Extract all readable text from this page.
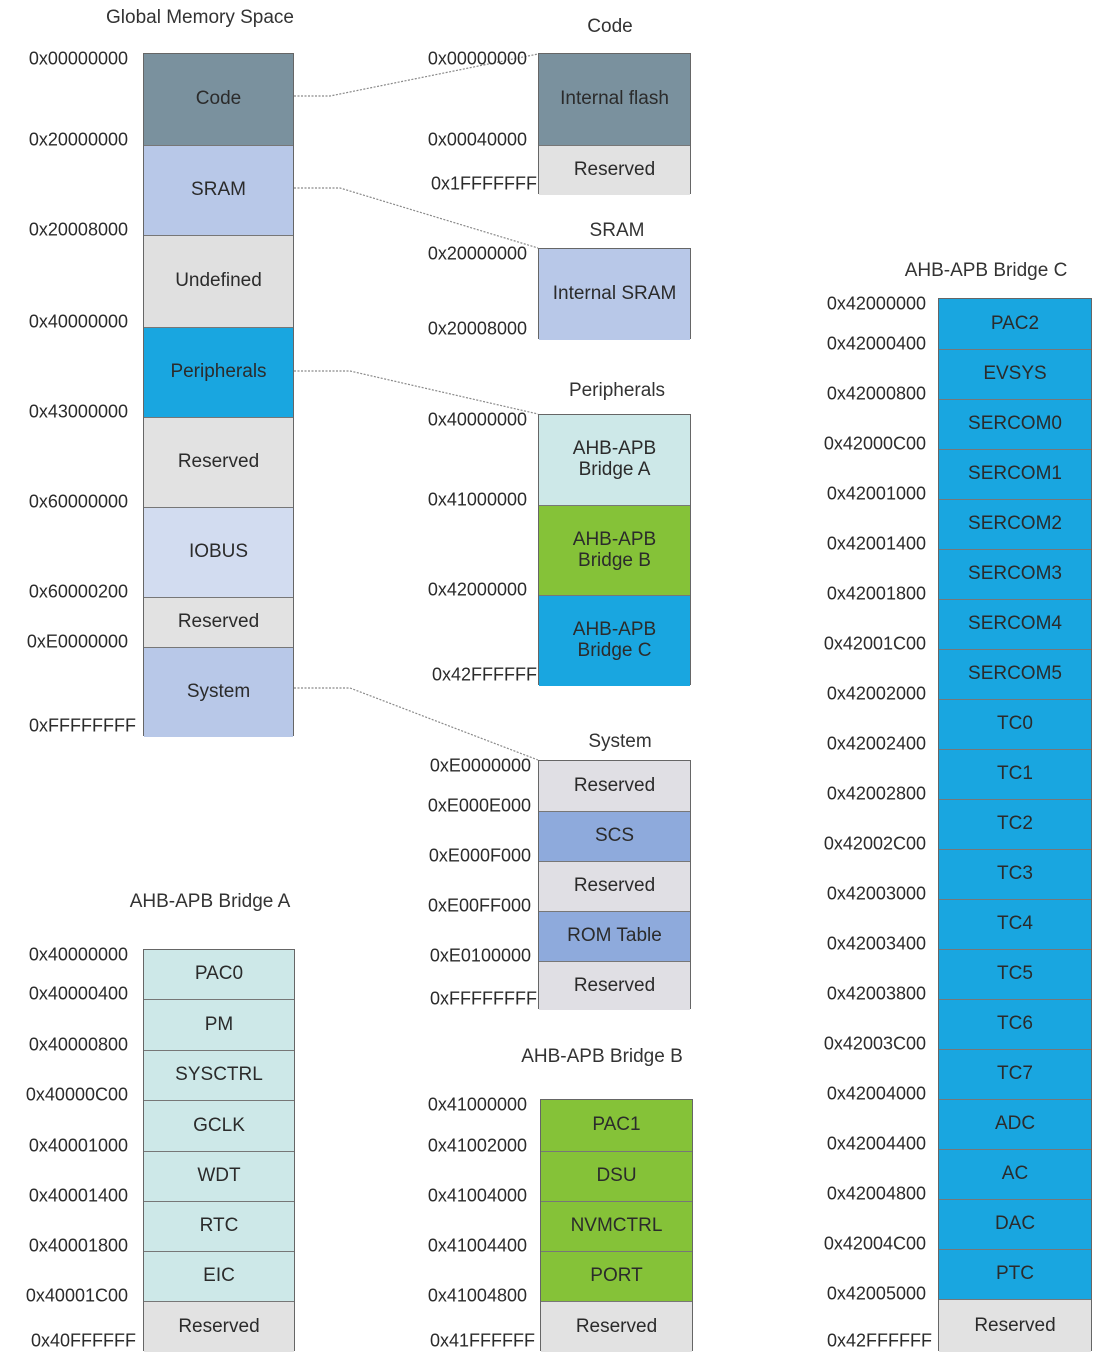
Global Memory Space
Code
SRAM
Undefined
Peripherals
Reserved
IOBUS
Reserved
System
0x00000000
0x20000000
0x20008000
0x40000000
0x43000000
0x60000000
0x60000200
0xE0000000
0xFFFFFFFF
Code
Internal flash
Reserved
0x00000000
0x00040000
0x1FFFFFFF
SRAM
Internal SRAM
0x20000000
0x20008000
Peripherals
AHB-APB
Bridge A
AHB-APB
Bridge B
AHB-APB
Bridge C
0x40000000
0x41000000
0x42000000
0x42FFFFFF
System
Reserved
SCS
Reserved
ROM Table
Reserved
0xE0000000
0xE000E000
0xE000F000
0xE00FF000
0xE0100000
0xFFFFFFFF
AHB-APB Bridge A
PAC0
PM
SYSCTRL
GCLK
WDT
RTC
EIC
Reserved
0x40000000
0x40000400
0x40000800
0x40000C00
0x40001000
0x40001400
0x40001800
0x40001C00
0x40FFFFFF
AHB-APB Bridge B
PAC1
DSU
NVMCTRL
PORT
Reserved
0x41000000
0x41002000
0x41004000
0x41004400
0x41004800
0x41FFFFFF
AHB-APB Bridge C
PAC2
EVSYS
SERCOM0
SERCOM1
SERCOM2
SERCOM3
SERCOM4
SERCOM5
TC0
TC1
TC2
TC3
TC4
TC5
TC6
TC7
ADC
AC
DAC
PTC
Reserved
0x42000000
0x42000400
0x42000800
0x42000C00
0x42001000
0x42001400
0x42001800
0x42001C00
0x42002000
0x42002400
0x42002800
0x42002C00
0x42003000
0x42003400
0x42003800
0x42003C00
0x42004000
0x42004400
0x42004800
0x42004C00
0x42005000
0x42FFFFFF
